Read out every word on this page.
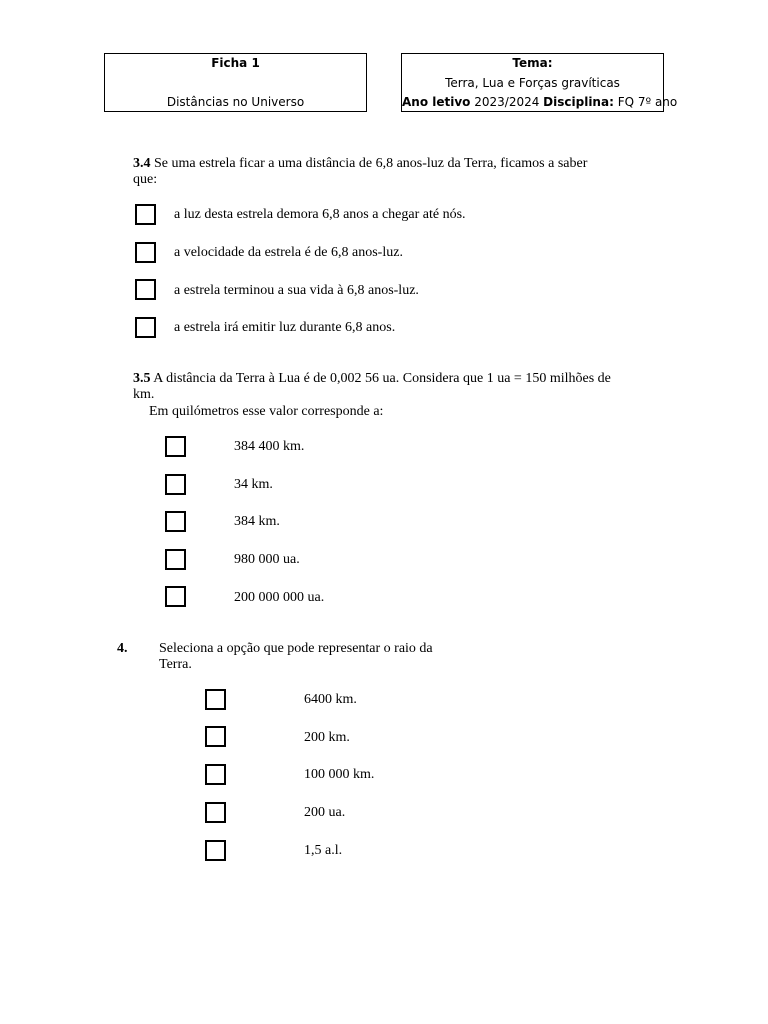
Ficha 1
Distâncias no Universo
Tema:
Terra, Lua e Forças gravíticas
Ano letivo 2023/2024 Disciplina: FQ 7º ano
3.4 Se uma estrela ficar a uma distância de 6,8 anos-luz da Terra, ficamos a saber
que:
a luz desta estrela demora 6,8 anos a chegar até nós.
a velocidade da estrela é de 6,8 anos-luz.
a estrela terminou a sua vida à 6,8 anos-luz.
a estrela irá emitir luz durante 6,8 anos.
3.5 A distância da Terra à Lua é de 0,002 56 ua. Considera que 1 ua = 150 milhões de
km.
Em quilómetros esse valor corresponde a:
384 400 km.
34 km.
384 km.
980 000 ua.
200 000 000 ua.
4. Seleciona a opção que pode representar o raio da
Terra.
6400 km.
200 km.
100 000 km.
200 ua.
1,5 a.l.
